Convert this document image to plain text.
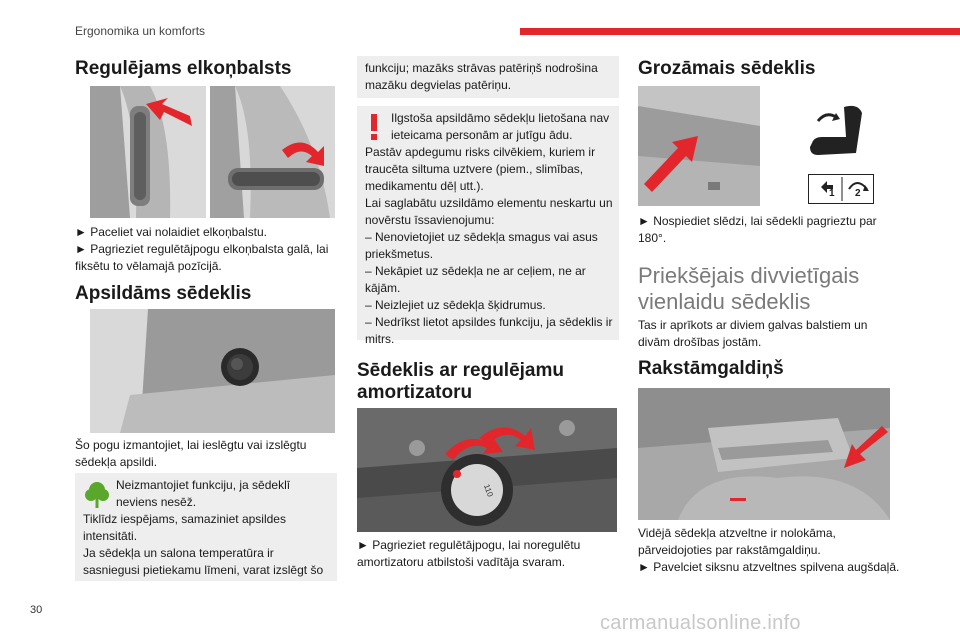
Ergonomika un komforts
Regulējams elkoņbalsts
► Paceliet vai nolaidiet elkoņbalstu.
► Pagrieziet regulētājpogu elkoņbalsta galā, lai fiksētu to vēlamajā pozīcijā.
Apsildāms sēdeklis
Šo pogu izmantojiet, lai ieslēgtu vai izslēgtu sēdekļa apsildi.
Neizmantojiet funkciju, ja sēdeklī neviens nesēž.
Tiklīdz iespējams, samaziniet apsildes intensitāti.
Ja sēdekļa un salona temperatūra ir sasniegusi pietiekamu līmeni, varat izslēgt šo
funkciju; mazāks strāvas patēriņš nodrošina mazāku degvielas patēriņu.
Ilgstoša apsildāmo sēdekļu lietošana nav ieteicama personām ar jutīgu ādu.
Pastāv apdegumu risks cilvēkiem, kuriem ir traucēta siltuma uztvere (piem., slimības, medikamentu dēļ utt.).
Lai saglabātu uzsildāmo elementu neskartu un novērstu īssavienojumu:
– Nenovietojiet uz sēdekļa smagus vai asus priekšmetus.
– Nekāpiet uz sēdekļa ne ar ceļiem, ne ar kājām.
– Neizlejiet uz sēdekļa šķidrumus.
– Nedrīkst lietot apsildes funkciju, ja sēdeklis ir mitrs.
Sēdeklis ar regulējamu amortizatoru
110
► Pagrieziet regulētājpogu, lai noregulētu amortizatoru atbilstoši vadītāja svaram.
Grozāmais sēdeklis
1 2
► Nospiediet slēdzi, lai sēdekli pagrieztu par 180°.
Priekšējais divvietīgais vienlaidu sēdeklis
Tas ir aprīkots ar diviem galvas balstiem un divām drošības jostām.
Rakstāmgaldiņš
Vidējā sēdekļa atzveltne ir nolokāma, pārveidojoties par rakstāmgaldiņu.
► Pavelciet siksnu atzveltnes spilvena augšdaļā.
30
carmanualsonline.info
